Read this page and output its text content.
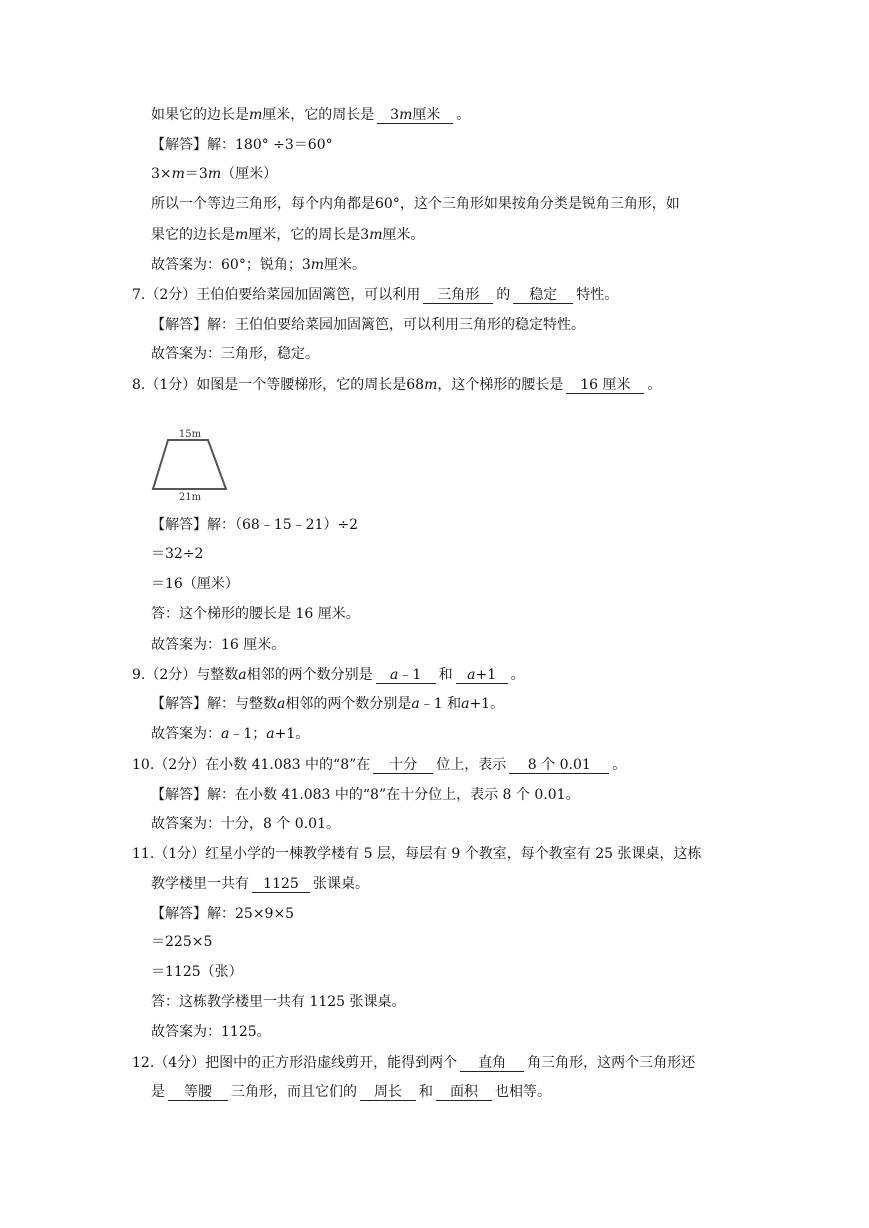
如果它的边长是m厘米，它的周长是 3m厘米 。
【解答】解：180° ÷3＝60°
3×m＝3m（厘米）
所以一个等边三角形，每个内角都是60°，这个三角形如果按角分类是锐角三角形，如
果它的边长是m厘米，它的周长是3m厘米。
故答案为：60°；锐角；3m厘米。
7.（2分）王伯伯要给菜园加固篱笆，可以利用 三角形 的 稳定 特性。
【解答】解：王伯伯要给菜园加固篱笆，可以利用三角形的稳定特性。
故答案为：三角形，稳定。
8.（1分）如图是一个等腰梯形，它的周长是68m，这个梯形的腰长是 16 厘米 。
15m
21m
【解答】解：（68﹣15﹣21）÷2
＝32÷2
＝16（厘米）
答：这个梯形的腰长是 16 厘米。
故答案为：16 厘米。
9.（2分）与整数a相邻的两个数分别是 a﹣1 和 a+1 。
【解答】解：与整数a相邻的两个数分别是a﹣1 和a+1。
故答案为：a﹣1；a+1。
10.（2分）在小数 41.083 中的“8”在 十分 位上，表示 8 个 0.01 。
【解答】解：在小数 41.083 中的“8”在十分位上，表示 8 个 0.01。
故答案为：十分，8 个 0.01。
11.（1分）红星小学的一棟教学楼有 5 层，每层有 9 个教室，每个教室有 25 张课桌，这栋
教学楼里一共有 1125 张课桌。
【解答】解：25×9×5
＝225×5
＝1125（张）
答：这栋教学楼里一共有 1125 张课桌。
故答案为：1125。
12.（4分）把图中的正方形沿虚线剪开，能得到两个 直角 角三角形，这两个三角形还
是 等腰 三角形，而且它们的 周长 和 面积 也相等。
